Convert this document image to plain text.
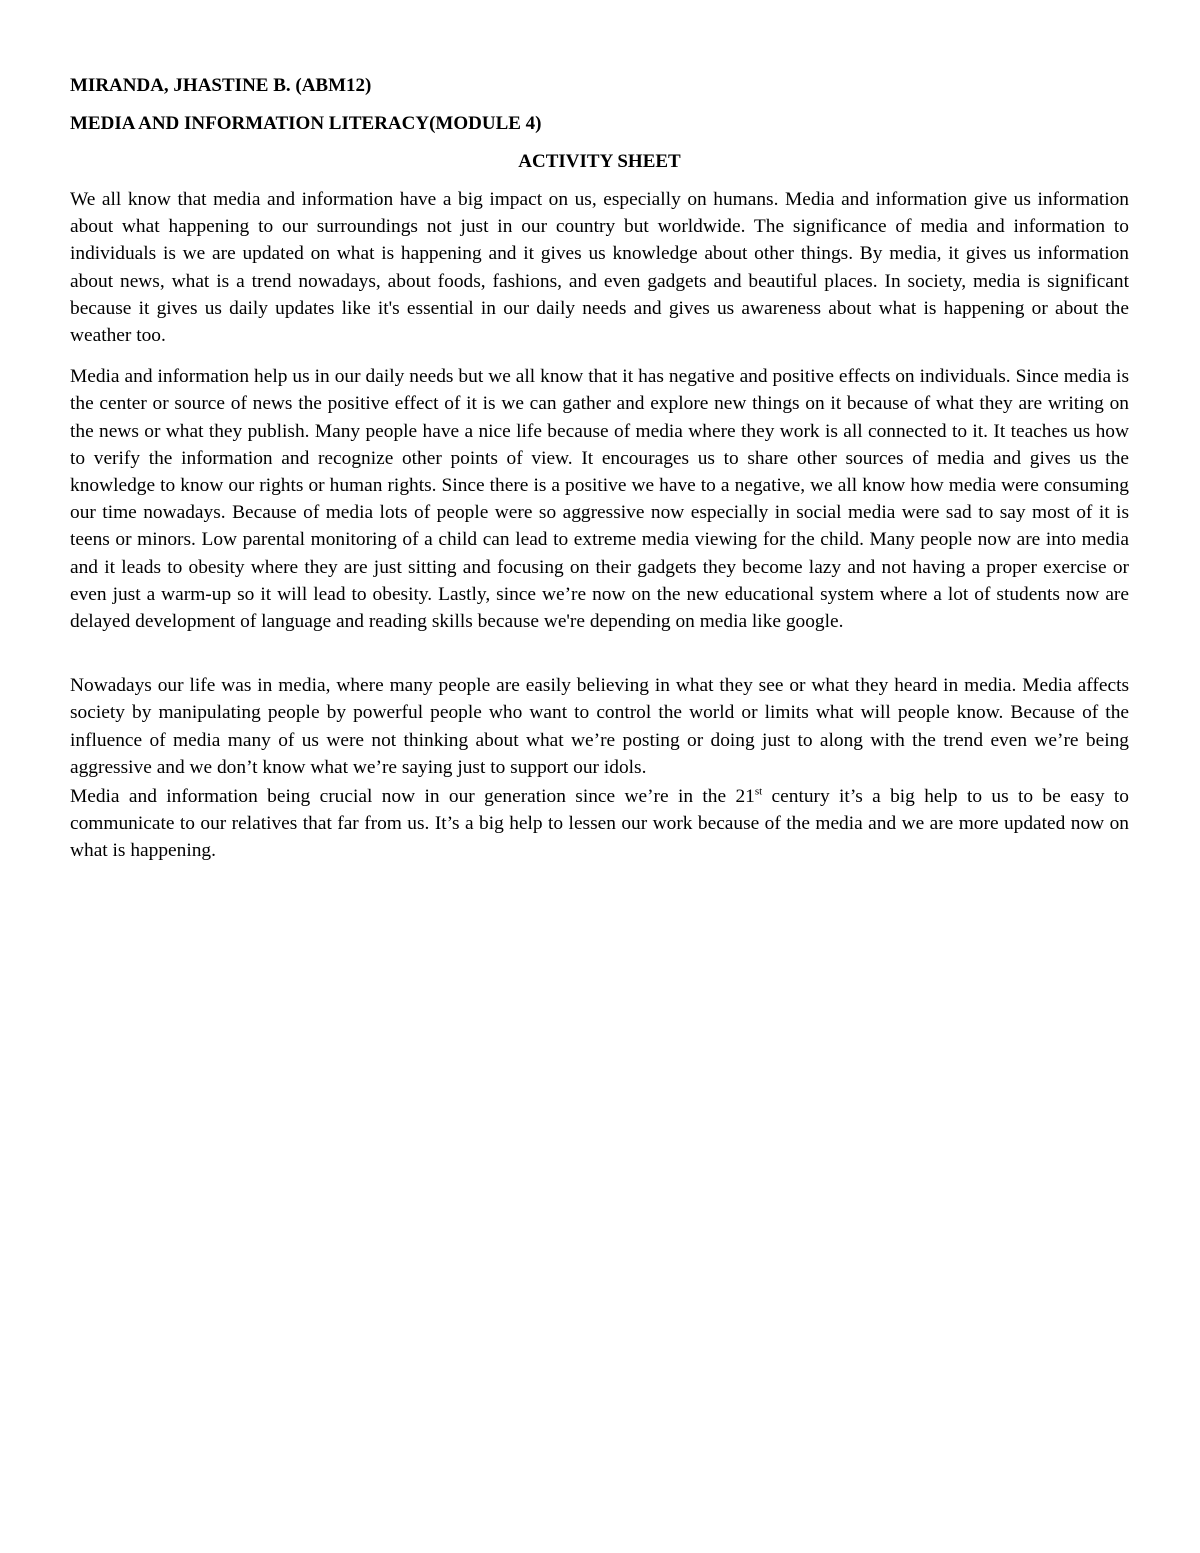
MIRANDA, JHASTINE B. (ABM12)
MEDIA AND INFORMATION LITERACY(MODULE 4)
ACTIVITY SHEET

We all know that media and information have a big impact on us, especially on humans. Media and information give us information about what happening to our surroundings not just in our country but worldwide. The significance of media and information to individuals is we are updated on what is happening and it gives us knowledge about other things. By media, it gives us information about news, what is a trend nowadays, about foods, fashions, and even gadgets and beautiful places. In society, media is significant because it gives us daily updates like it's essential in our daily needs and gives us awareness about what is happening or about the weather too.

Media and information help us in our daily needs but we all know that it has negative and positive effects on individuals. Since media is the center or source of news the positive effect of it is we can gather and explore new things on it because of what they are writing on the news or what they publish. Many people have a nice life because of media where they work is all connected to it. It teaches us how to verify the information and recognize other points of view. It encourages us to share other sources of media and gives us the knowledge to know our rights or human rights. Since there is a positive we have to a negative, we all know how media were consuming our time nowadays. Because of media lots of people were so aggressive now especially in social media were sad to say most of it is teens or minors. Low parental monitoring of a child can lead to extreme media viewing for the child. Many people now are into media and it leads to obesity where they are just sitting and focusing on their gadgets they become lazy and not having a proper exercise or even just a warm-up so it will lead to obesity. Lastly, since we’re now on the new educational system where a lot of students now are delayed development of language and reading skills because we're depending on media like google.

Nowadays our life was in media, where many people are easily believing in what they see or what they heard in media. Media affects society by manipulating people by powerful people who want to control the world or limits what will people know. Because of the influence of media many of us were not thinking about what we’re posting or doing just to along with the trend even we’re being aggressive and we don’t know what we’re saying just to support our idols.

Media and information being crucial now in our generation since we’re in the 21st century it’s a big help to us to be easy to communicate to our relatives that far from us. It’s a big help to lessen our work because of the media and we are more updated now on what is happening.
